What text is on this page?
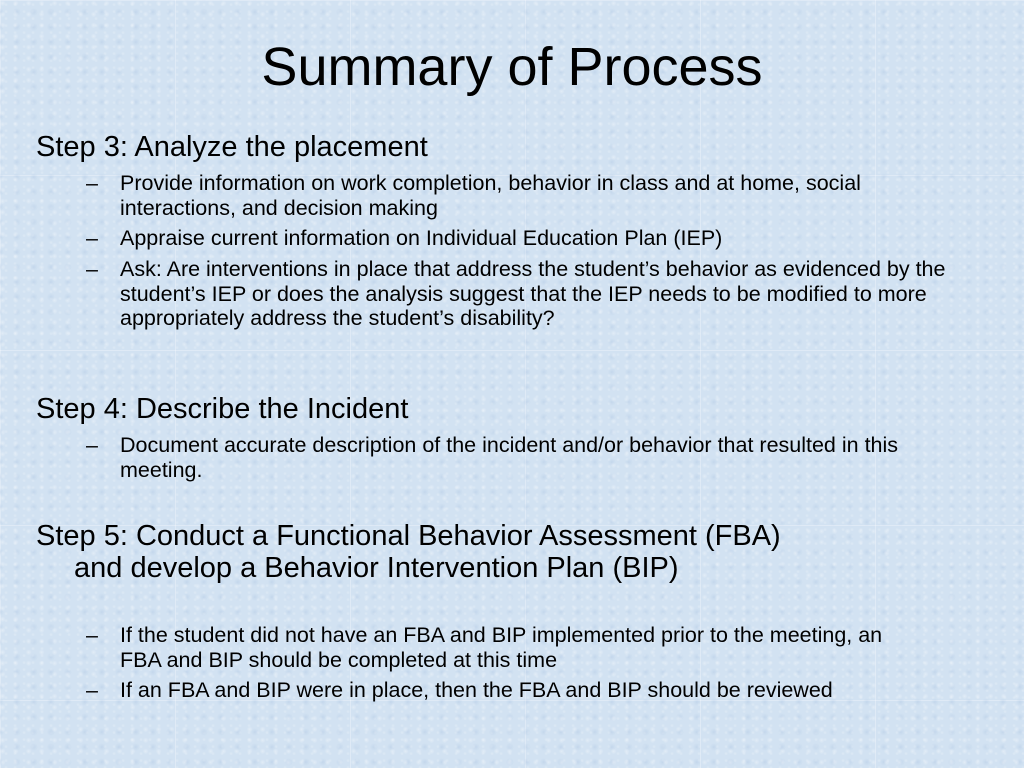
Summary of Process
Step 3: Analyze the placement
–	Provide information on work completion, behavior in class and at home, social interactions, and decision making
–	Appraise current information on Individual Education Plan (IEP)
–	Ask: Are interventions in place that address the student’s behavior as evidenced by the student’s IEP or does the analysis suggest that the IEP needs to be modified to more appropriately address the student’s disability?
Step 4: Describe the Incident
–	Document accurate description of the incident and/or behavior that resulted in this meeting.
Step 5: Conduct a Functional Behavior Assessment (FBA)
and develop a Behavior Intervention Plan (BIP)
–	If the student did not have an FBA and BIP implemented prior to the meeting, an FBA and BIP should be completed at this time
–	If an FBA and BIP were in place, then the FBA and BIP should be reviewed
